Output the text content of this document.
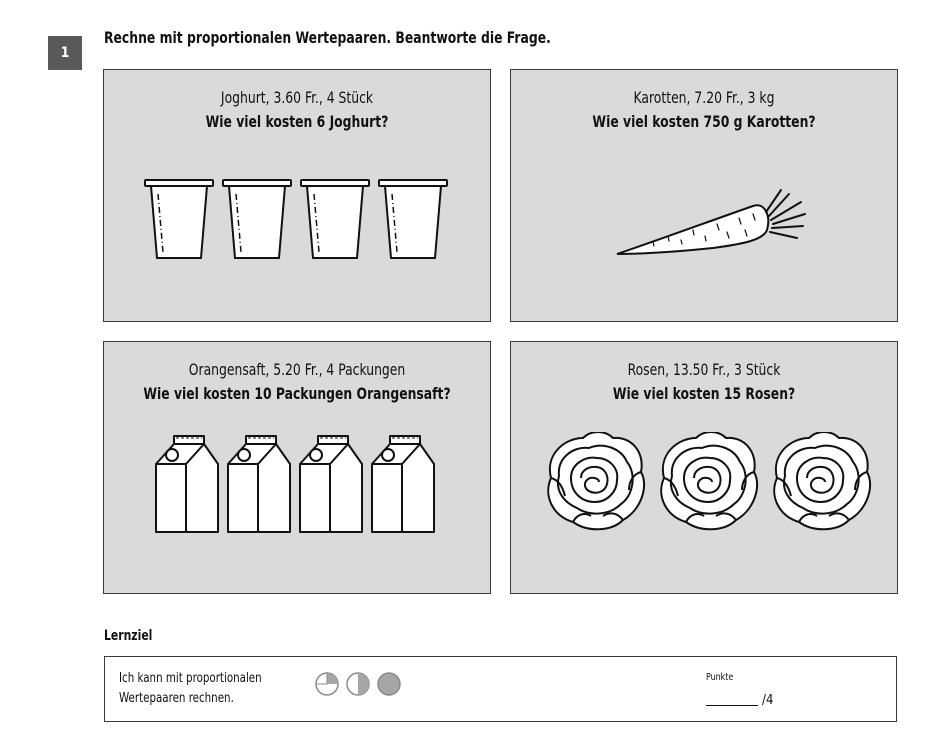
1
Rechne mit proportionalen Wertepaaren. Beantworte die Frage.
Joghurt, 3.60 Fr., 4 Stück
Wie viel kosten 6 Joghurt?
Karotten, 7.20 Fr., 3 kg
Wie viel kosten 750 g Karotten?
Orangensaft, 5.20 Fr., 4 Packungen
Wie viel kosten 10 Packungen Orangensaft?
Rosen, 13.50 Fr., 3 Stück
Wie viel kosten 15 Rosen?
Lernziel
Ich kann mit proportionalen Wertepaaren rechnen.
Punkte
/4
